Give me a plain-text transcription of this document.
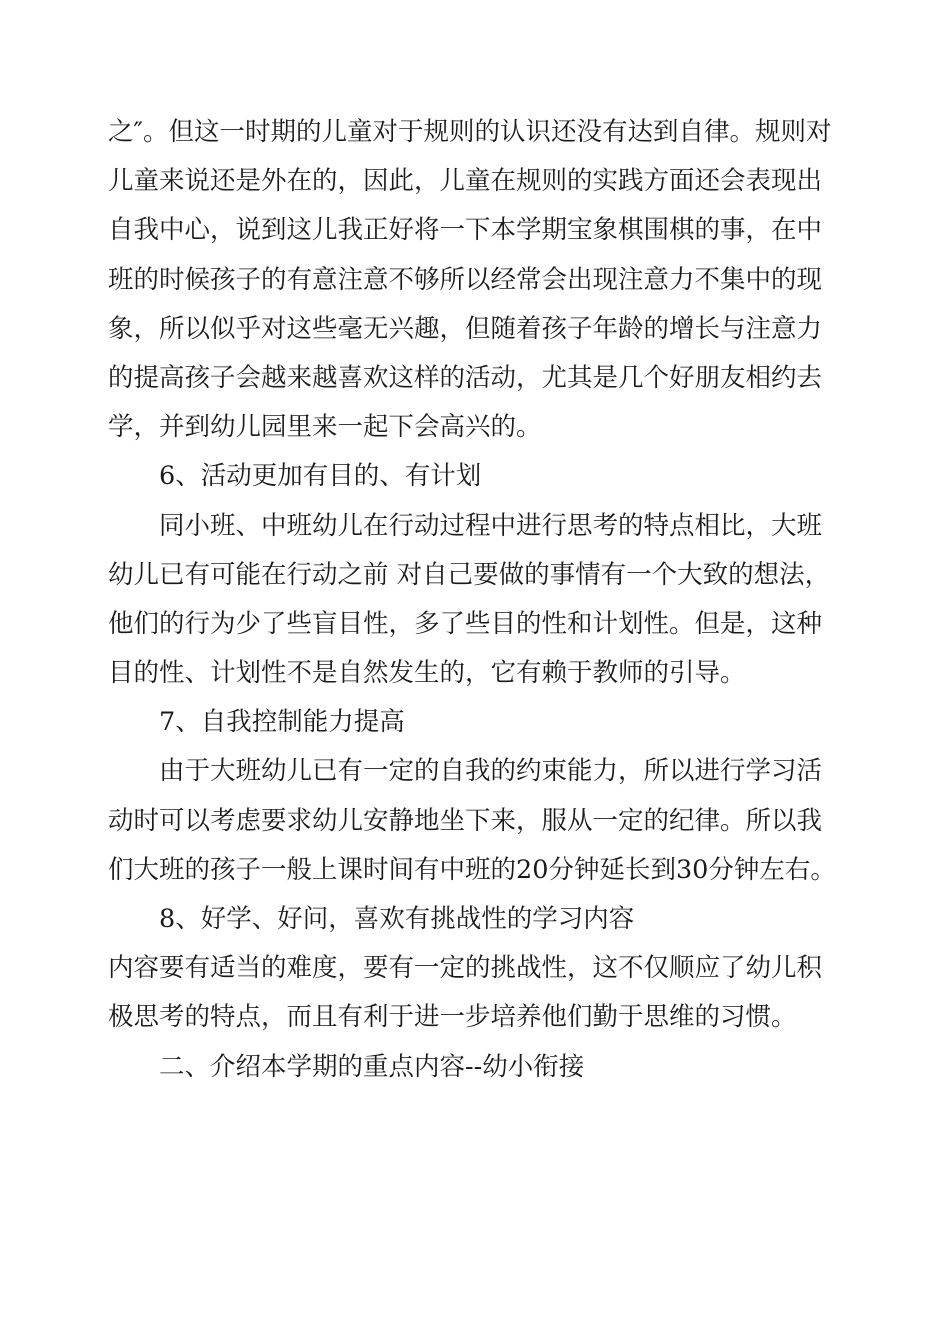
之″。但这一时期的儿童对于规则的认识还没有达到自律。规则对
儿童来说还是外在的，因此，儿童在规则的实践方面还会表现出
自我中心，说到这儿我正好将一下本学期宝象棋围棋的事，在中
班的时候孩子的有意注意不够所以经常会出现注意力不集中的现
象，所以似乎对这些毫无兴趣，但随着孩子年龄的增长与注意力
的提高孩子会越来越喜欢这样的活动，尤其是几个好朋友相约去
学，并到幼儿园里来一起下会高兴的。
6、活动更加有目的、有计划
同小班、中班幼儿在行动过程中进行思考的特点相比，大班
幼儿已有可能在行动之前 对自己要做的事情有一个大致的想法，
他们的行为少了些盲目性，多了些目的性和计划性。但是，这种
目的性、计划性不是自然发生的，它有赖于教师的引导。
7、自我控制能力提高
由于大班幼儿已有一定的自我的约束能力，所以进行学习活
动时可以考虑要求幼儿安静地坐下来，服从一定的纪律。所以我
们大班的孩子一般上课时间有中班的20分钟延长到30分钟左右。
8、好学、好问，喜欢有挑战性的学习内容
内容要有适当的难度，要有一定的挑战性，这不仅顺应了幼儿积
极思考的特点，而且有利于进一步培养他们勤于思维的习惯。
二、介绍本学期的重点内容--幼小衔接
